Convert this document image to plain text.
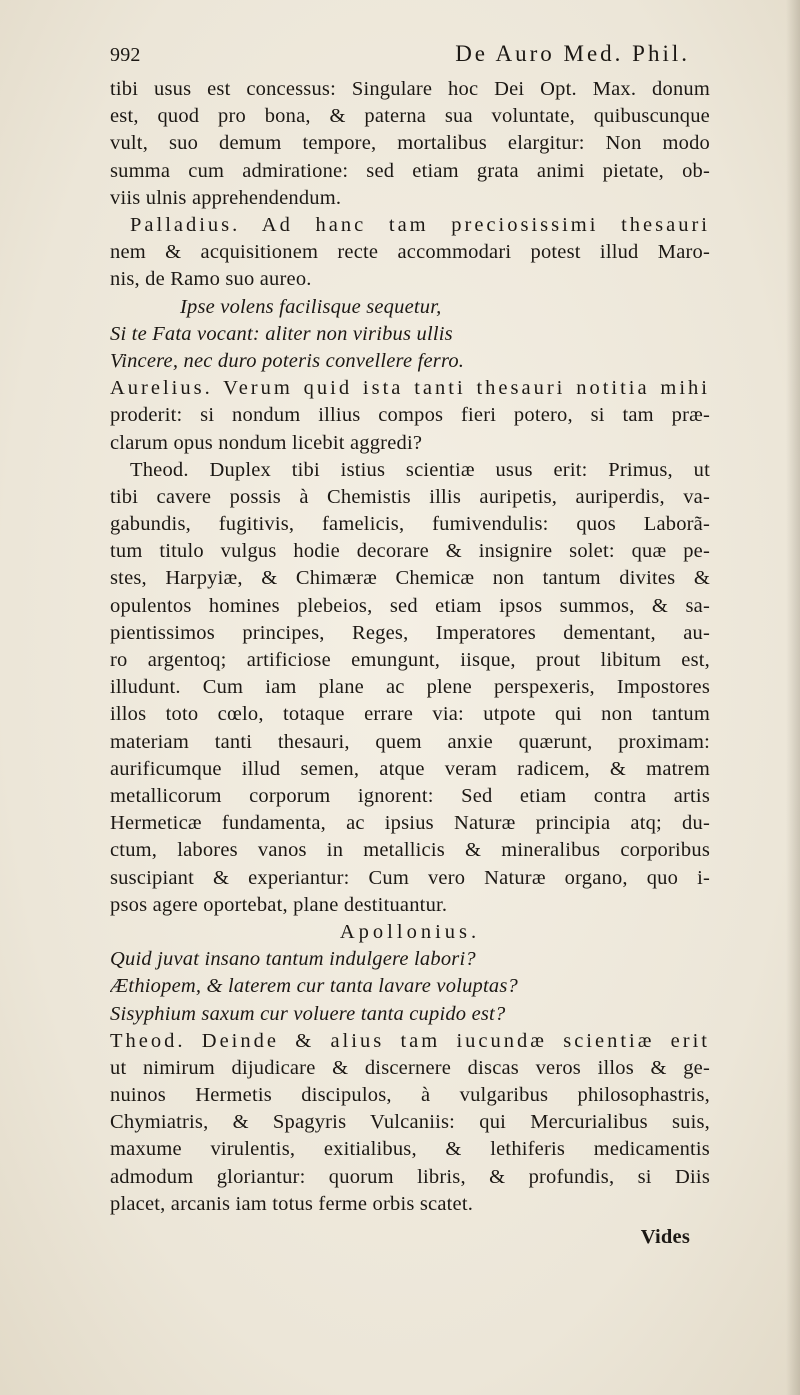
992	De Auro Med. Phil.
tibi usus est concessus: Singulare hoc Dei Opt. Max. donum
est, quod pro bona, & paterna sua voluntate, quibuscunque
vult, suo demum tempore, mortalibus elargitur: Non modo
summa cum admiratione: sed etiam grata animi pietate, ob-
viis ulnis apprehendendum.
Palladius. Ad hanc tam preciosissimi thesauri
nem & acquisitionem recte accommodari potest illud Maro-
nis, de Ramo suo aureo.
Ipse volens facilisque sequetur,
Si te Fata vocant: aliter non viribus ullis
Vincere, nec duro poteris convellere ferro.
Aurelius. Verum quid ista tanti thesauri notitia mihi
proderit: si nondum illius compos fieri potero, si tam præ-
clarum opus nondum licebit aggredi?
Theod. Duplex tibi istius scientiæ usus erit: Primus, ut
tibi cavere possis à Chemistis illis auripetis, auriperdis, va-
gabundis, fugitivis, famelicis, fumivendulis: quos Laborã-
tum titulo vulgus hodie decorare & insignire solet: quæ pe-
stes, Harpyiæ, & Chimæræ Chemicæ non tantum divites &
opulentos homines plebeios, sed etiam ipsos summos, & sa-
pientissimos principes, Reges, Imperatores dementant, au-
ro argentoq; artificiose emungunt, iisque, prout libitum est,
illudunt. Cum iam plane ac plene perspexeris, Impostores
illos toto cœlo, totaque errare via: utpote qui non tantum
materiam tanti thesauri, quem anxie quærunt, proximam:
aurificumque illud semen, atque veram radicem, & matrem
metallicorum corporum ignorent: Sed etiam contra artis
Hermeticæ fundamenta, ac ipsius Naturæ principia atq; du-
ctum, labores vanos in metallicis & mineralibus corporibus
suscipiant & experiantur: Cum vero Naturæ organo, quo i-
psos agere oportebat, plane destituantur.
Apollonius.
Quid juvat insano tantum indulgere labori?
Æthiopem, & laterem cur tanta lavare voluptas?
Sisyphium saxum cur voluere tanta cupido est?
Theod. Deinde & alius tam iucundæ scientiæ erit
ut nimirum dijudicare & discernere discas veros illos & ge-
nuinos Hermetis discipulos, à vulgaribus philosophastris,
Chymiatris, & Spagyris Vulcaniis: qui Mercurialibus suis,
maxume virulentis, exitialibus, & lethiferis medicamentis
admodum gloriantur: quorum libris, & profundis, si Diis
placet, arcanis iam totus ferme orbis scatet.
Vides
